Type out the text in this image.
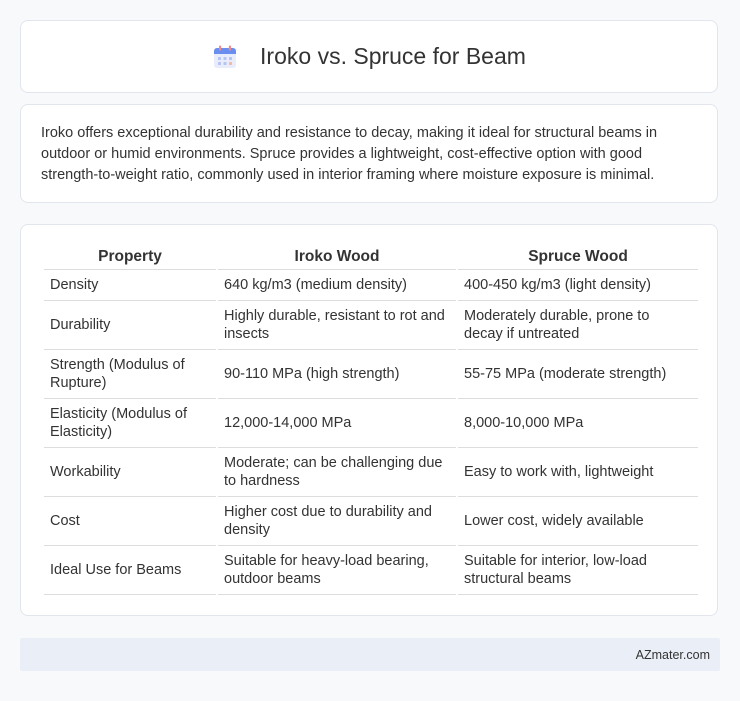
Iroko vs. Spruce for Beam

Iroko offers exceptional durability and resistance to decay, making it ideal for structural beams in outdoor or humid environments. Spruce provides a lightweight, cost-effective option with good strength-to-weight ratio, commonly used in interior framing where moisture exposure is minimal.

Property	Iroko Wood	Spruce Wood
Density	640 kg/m3 (medium density)	400-450 kg/m3 (light density)
Durability	Highly durable, resistant to rot and insects	Moderately durable, prone to decay if untreated
Strength (Modulus of Rupture)	90-110 MPa (high strength)	55-75 MPa (moderate strength)
Elasticity (Modulus of Elasticity)	12,000-14,000 MPa	8,000-10,000 MPa
Workability	Moderate; can be challenging due to hardness	Easy to work with, lightweight
Cost	Higher cost due to durability and density	Lower cost, widely available
Ideal Use for Beams	Suitable for heavy-load bearing, outdoor beams	Suitable for interior, low-load structural beams
AZmater.com
